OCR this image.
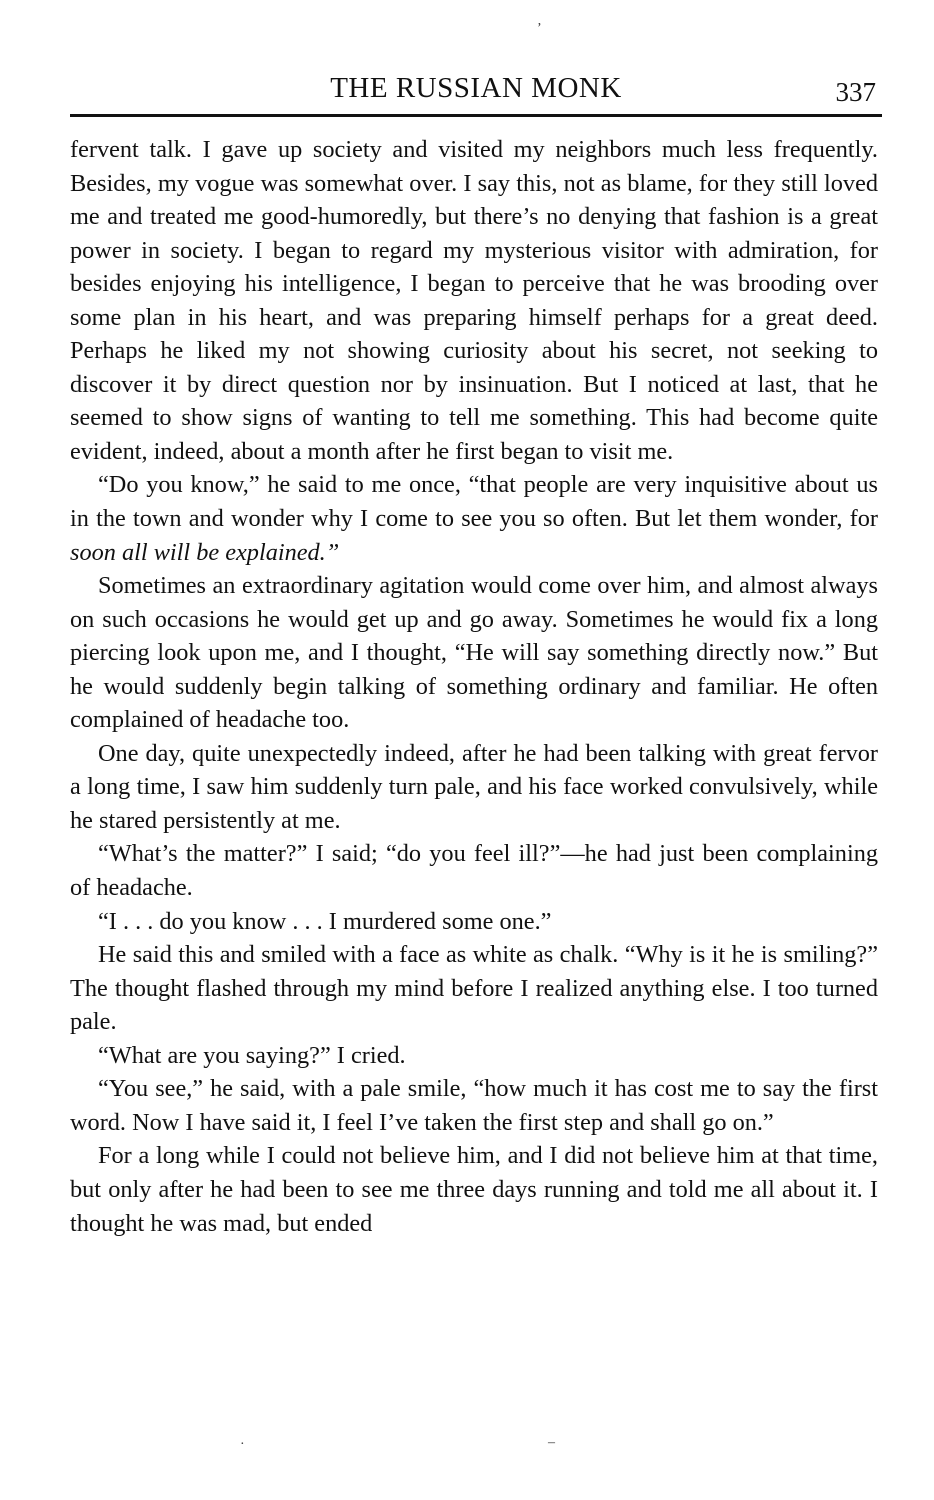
’
THE RUSSIAN MONK	337

fervent talk. I gave up society and visited my neighbors much less frequently. Besides, my vogue was somewhat over. I say this, not as blame, for they still loved me and treated me good-humoredly, but there’s no denying that fashion is a great power in society. I began to regard my mysterious visitor with admiration, for besides enjoying his intelligence, I began to perceive that he was brooding over some plan in his heart, and was preparing himself perhaps for a great deed. Perhaps he liked my not showing curiosity about his secret, not seeking to discover it by direct question nor by insinuation. But I noticed at last, that he seemed to show signs of wanting to tell me something. This had become quite evident, indeed, about a month after he first began to visit me.

“Do you know,” he said to me once, “that people are very inquisitive about us in the town and wonder why I come to see you so often. But let them wonder, for soon all will be explained.”

Sometimes an extraordinary agitation would come over him, and almost always on such occasions he would get up and go away. Sometimes he would fix a long piercing look upon me, and I thought, “He will say something directly now.” But he would suddenly begin talking of something ordinary and familiar. He often complained of headache too.

One day, quite unexpectedly indeed, after he had been talking with great fervor a long time, I saw him suddenly turn pale, and his face worked convulsively, while he stared persistently at me.

“What’s the matter?” I said; “do you feel ill?”—he had just been complaining of headache.

“I . . . do you know . . . I murdered some one.”

He said this and smiled with a face as white as chalk. “Why is it he is smiling?” The thought flashed through my mind before I realized anything else. I too turned pale.

“What are you saying?” I cried.

“You see,” he said, with a pale smile, “how much it has cost me to say the first word. Now I have said it, I feel I’ve taken the first step and shall go on.”

For a long while I could not believe him, and I did not believe him at that time, but only after he had been to see me three days running and told me all about it. I thought he was mad, but ended

·	–
